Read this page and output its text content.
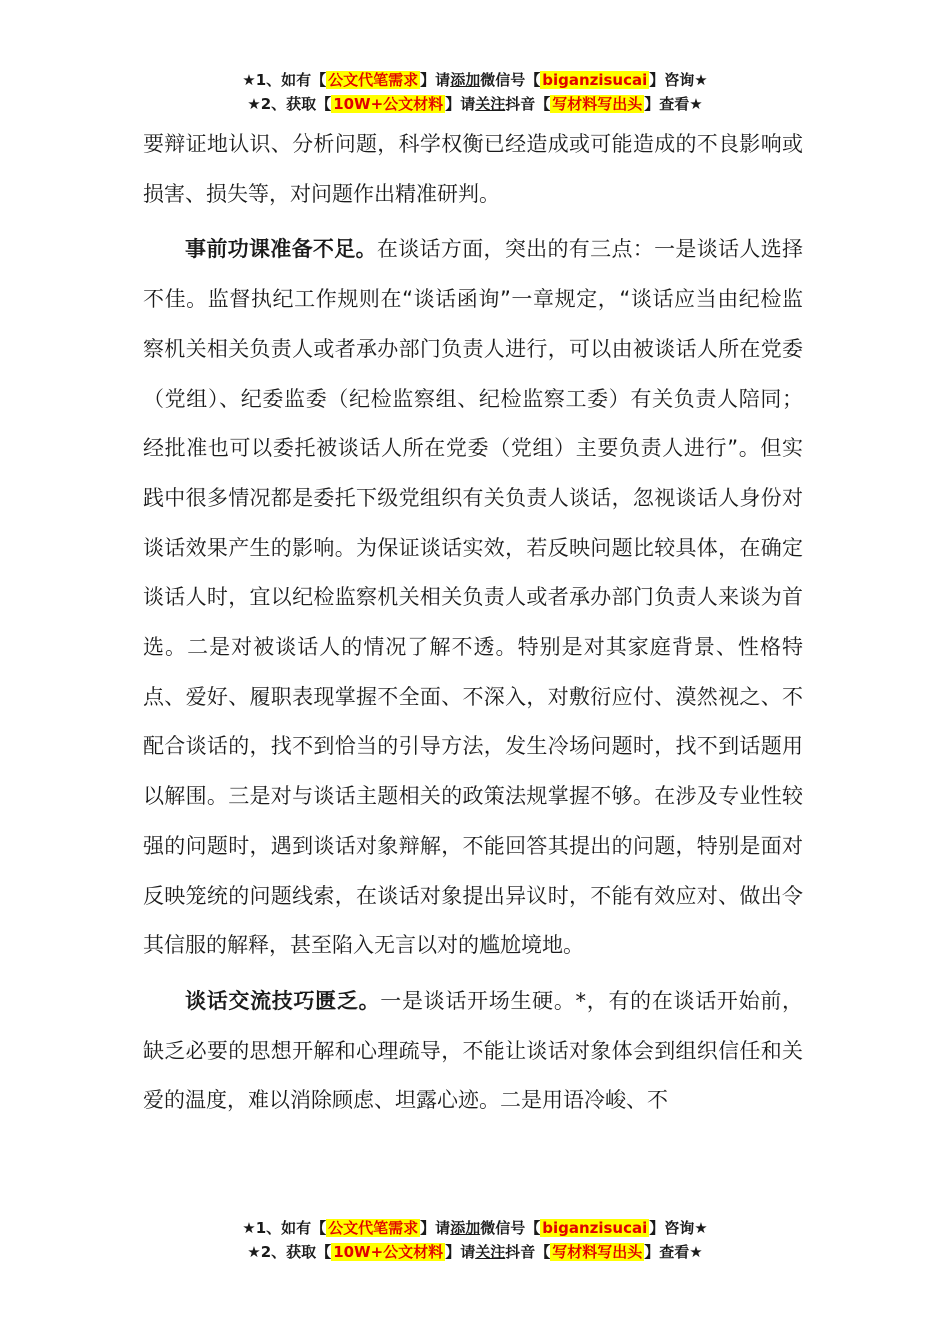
★1、如有【 公文代笔需求 】请添加微信号【 biganzisucai 】咨询★
★2、获取【 10W+公文材料 】请关注抖音【 写材料写出头 】查看★

要辩证地认识、分析问题，科学权衡已经造成或可能造成的不良影响或损害、损失等，对问题作出精准研判。

事前功课准备不足。在谈话方面，突出的有三点：一是谈话人选择不佳。监督执纪工作规则在“谈话函询”一章规定，“谈话应当由纪检监察机关相关负责人或者承办部门负责人进行，可以由被谈话人所在党委（党组）、纪委监委（纪检监察组、纪检监察工委）有关负责人陪同；经批准也可以委托被谈话人所在党委（党组）主要负责人进行”。但实践中很多情况都是委托下级党组织有关负责人谈话，忽视谈话人身份对谈话效果产生的影响。为保证谈话实效，若反映问题比较具体，在确定谈话人时，宜以纪检监察机关相关负责人或者承办部门负责人来谈为首选。二是对被谈话人的情况了解不透。特别是对其家庭背景、性格特点、爱好、履职表现掌握不全面、不深入，对敷衍应付、漠然视之、不配合谈话的，找不到恰当的引导方法，发生冷场问题时，找不到话题用以解围。三是对与谈话主题相关的政策法规掌握不够。在涉及专业性较强的问题时，遇到谈话对象辩解，不能回答其提出的问题，特别是面对反映笼统的问题线索，在谈话对象提出异议时，不能有效应对、做出令其信服的解释，甚至陷入无言以对的尴尬境地。

谈话交流技巧匮乏。一是谈话开场生硬。*，有的在谈话开始前，缺乏必要的思想开解和心理疏导，不能让谈话对象体会到组织信任和关爱的温度，难以消除顾虑、坦露心迹。二是用语冷峻、不

★1、如有【 公文代笔需求 】请添加微信号【 biganzisucai 】咨询★
★2、获取【 10W+公文材料 】请关注抖音【 写材料写出头 】查看★
